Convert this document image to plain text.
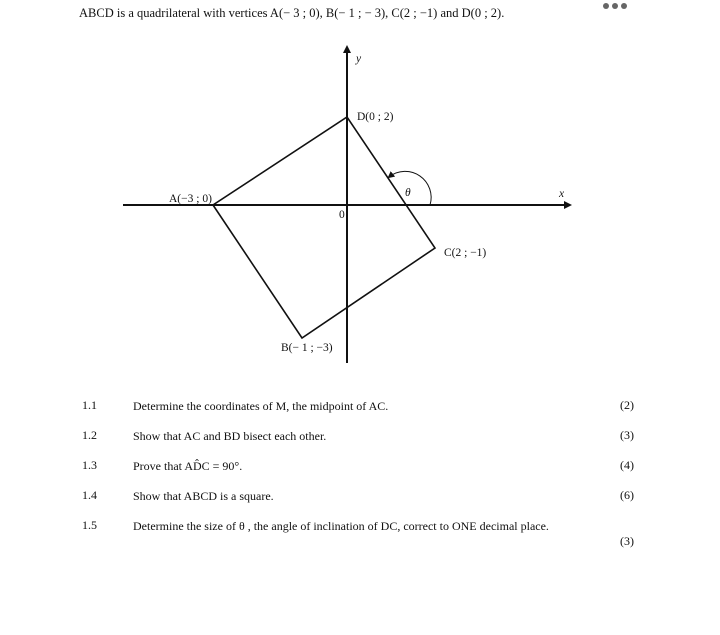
ABCD is a quadrilateral with vertices A(− 3 ; 0), B(− 1 ; − 3), C(2 ; −1) and D(0 ; 2).
y
x
0
θ
D(0 ; 2)
A(−3 ; 0)
C(2 ; −1)
B(− 1 ; −3)
1.1	Determine the coordinates of M, the midpoint of AC.	(2)
1.2	Show that AC and BD bisect each other.	(3)
1.3	Prove that AD̂C = 90°.	(4)
1.4	Show that ABCD is a square.	(6)
1.5	Determine the size of θ , the angle of inclination of DC, correct to ONE decimal place.
(3)
